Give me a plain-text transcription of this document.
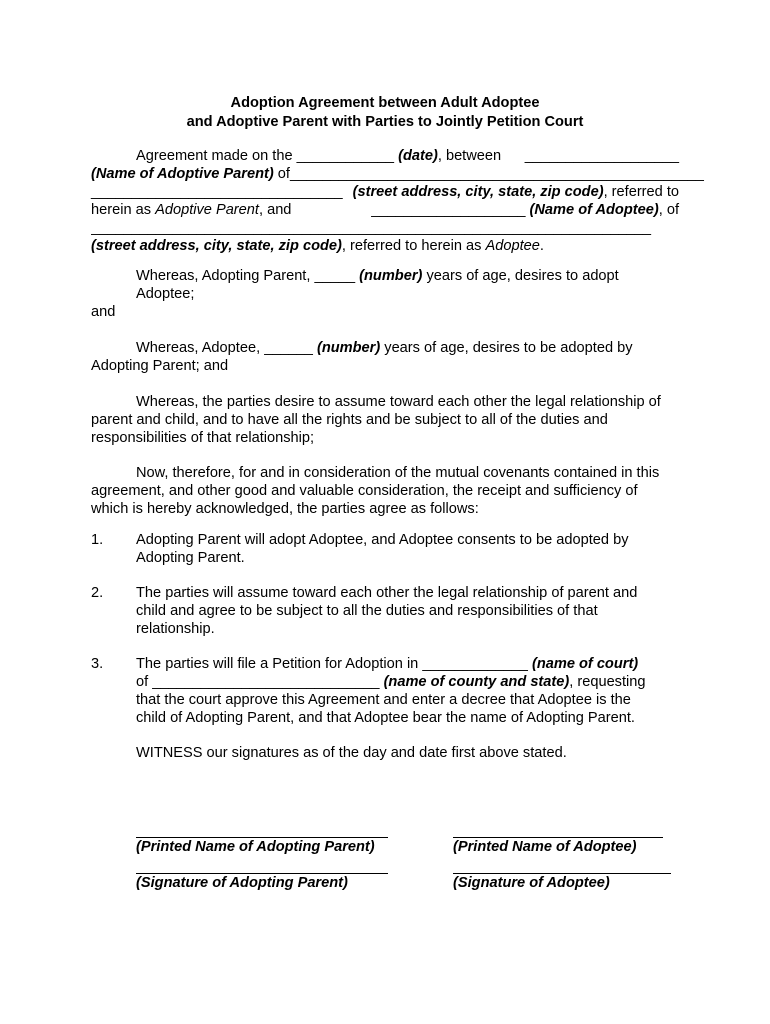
Adoption Agreement between Adult Adoptee
and Adoptive Parent with Parties to Jointly Petition Court
Agreement made on the ____________ (date), between ___________________
(Name of Adoptive Parent) of ___________________________________________________
_______________________________ (street address, city, state, zip code), referred to
herein as Adoptive Parent, and	___________________ (Name of Adoptee), of
_____________________________________________________________________
(street address, city, state, zip code), referred to herein as Adoptee.
Whereas, Adopting Parent, _____ (number) years of age, desires to adopt
Adoptee;
and
Whereas, Adoptee, ______ (number) years of age, desires to be adopted by
Adopting Parent; and
Whereas, the parties desire to assume toward each other the legal relationship of
parent and child, and to have all the rights and be subject to all of the duties and
responsibilities of that relationship;
Now, therefore, for and in consideration of the mutual covenants contained in this
agreement, and other good and valuable consideration, the receipt and sufficiency of
which is hereby acknowledged, the parties agree as follows:
1. Adopting Parent will adopt Adoptee, and Adoptee consents to be adopted by
Adopting Parent.
2. The parties will assume toward each other the legal relationship of parent and
child and agree to be subject to all the duties and responsibilities of that
relationship.
3. The parties will file a Petition for Adoption in _____________ (name of court)
of ____________________________ (name of county and state), requesting
that the court approve this Agreement and enter a decree that Adoptee is the
child of Adopting Parent, and that Adoptee bear the name of Adopting Parent.
WITNESS our signatures as of the day and date first above stated.
(Printed Name of Adopting Parent)	(Printed Name of Adoptee)
(Signature of Adopting Parent)	(Signature of Adoptee)
